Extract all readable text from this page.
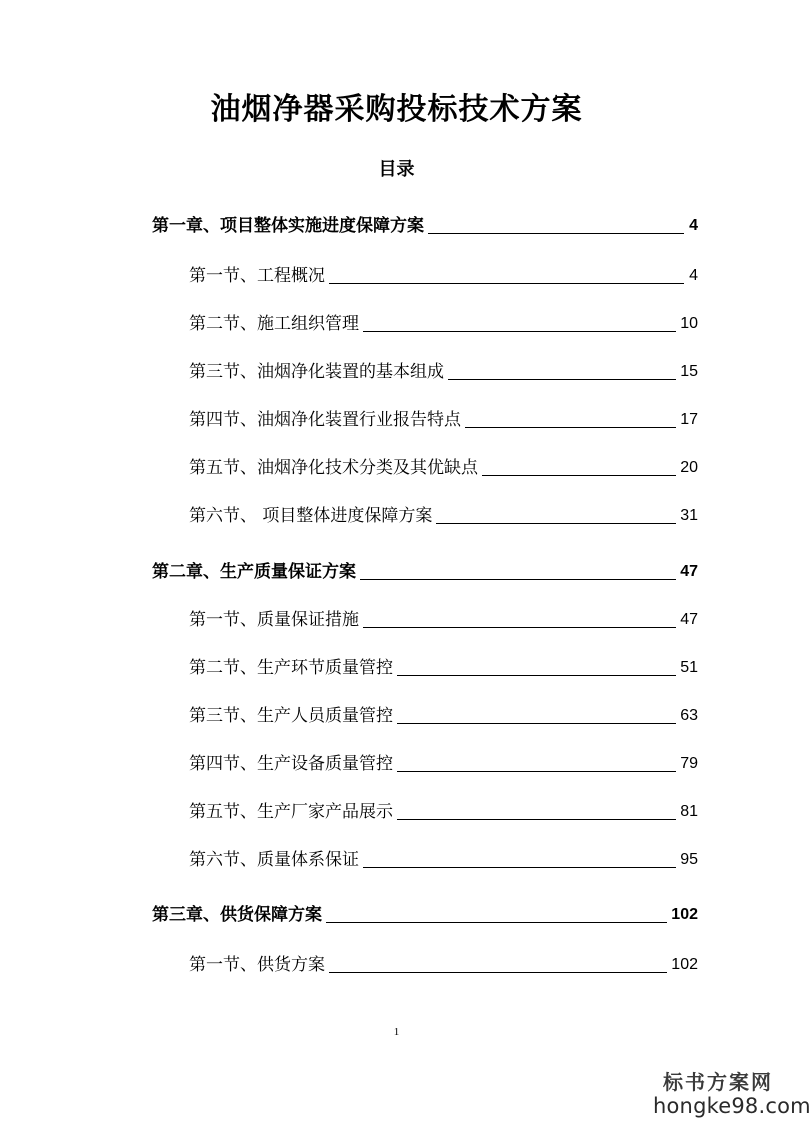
油烟净器采购投标技术方案
目录
第一章、项目整体实施进度保障方案	4
第一节、工程概况	4
第二节、施工组织管理	10
第三节、油烟净化装置的基本组成	15
第四节、油烟净化装置行业报告特点	17
第五节、油烟净化技术分类及其优缺点	20
第六节、 项目整体进度保障方案	31
第二章、生产质量保证方案	47
第一节、质量保证措施	47
第二节、生产环节质量管控	51
第三节、生产人员质量管控	63
第四节、生产设备质量管控	79
第五节、生产厂家产品展示	81
第六节、质量体系保证	95
第三章、供货保障方案	102
第一节、供货方案	102
1
标书方案网
hongke98.com
